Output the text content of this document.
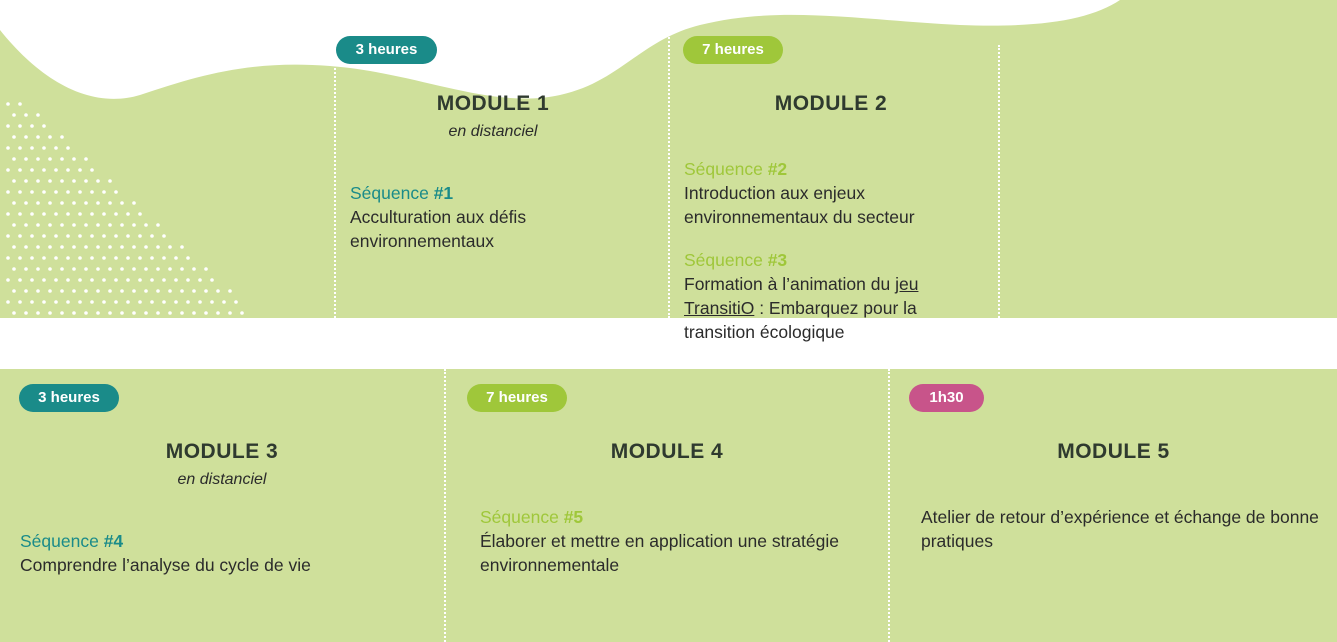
3 heures
MODULE 1
en distanciel
Séquence #1
Acculturation aux défis environnementaux
7 heures
MODULE 2
Séquence #2
Introduction aux enjeux environnementaux du secteur
Séquence #3
Formation à l’animation du jeu TransitiO : Embarquez pour la transition écologique
3 heures
MODULE 3
en distanciel
Séquence #4
Comprendre l’analyse du cycle de vie
7 heures
MODULE 4
Séquence #5
Élaborer et mettre en application une stratégie environnementale
1h30
MODULE 5
Atelier de retour d’expérience et échange de bonne pratiques
